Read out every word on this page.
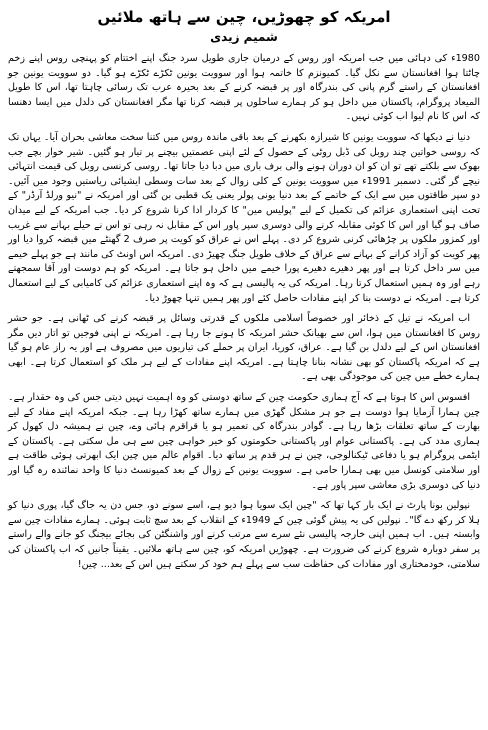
امریکہ کو چھوڑیں، چین سے ہاتھ ملائیں
شمیم زیدی
1980ء کی دہائی میں جب امریکہ اور روس کے درمیان جاری طویل سرد جنگ اپنے اختتام کو پہنچی روس اپنے زخم چاٹتا ہوا افغانستان سے نکل گیا۔ کمیونزم کا خاتمہ ہوا اور سوویت یونین ٹکڑے ٹکڑے ہو گیا۔ دو سوویت یونین جو افغانستان کے راستے گرم پانی کی بندرگاہ اور پر قبضہ کرنے کے بعد بحیرہ عرب تک رسائی چاہتا تھا، اس کا طویل المیعاد پروگرام، پاکستان میں داخل ہو کر ہمارے ساحلوں پر قبضہ کرنا تھا مگر افغانستان کی دلدل میں ایسا دھنسا کہ اس کا نام لیوا اب کوئی نہیں۔
دنیا نے دیکھا کہ سوویت یونین کا شیرازہ بکھرنے کے بعد باقی ماندہ روس میں کتنا سخت معاشی بحران آیا۔ یہاں تک کہ روسی خواتین چند روبل کی ڈبل روٹی کے حصول کے لئے اپنی عصمتیں بیچنے پر تیار ہو گئیں۔ شیر خوار بچے جب بھوک سے بلکتے تھے تو ان کو ان دوران ہونے والی برف باری میں دبا دیا جاتا تھا۔ روسی کرنسی روبل کی قیمت انتہائی نیچے گر گئی۔ دسمبر 1991ء میں سوویت یونین کے کلی زوال کے بعد سات وسطی ایشیائی ریاستیں وجود میں آئیں۔ دو سپر طاقتوں میں سے ایک کے خاتمے کے بعد دنیا یونی پولر یعنی یک قطبی بن گئی اور امریکہ نے "نیو ورلڈ آرڈر" کے تحت اپنی استعماری عزائم کی تکمیل کے لیے "پولیس مین" کا کردار ادا کرنا شروع کر دیا۔ جب امریکہ کے لیے میدان صاف ہو گیا اور اس کا کوئی مقابلہ کرنے والی دوسری سپر پاور اس کے مقابل نہ رہی تو اس نے حیلے بہانے سے غریب اور کمزور ملکوں پر چڑھائی کرنی شروع کر دی۔ پہلے اس نے عراق کو کویت پر صرف 2 گھنٹے میں قبضہ کروا دیا اور پھر کویت کو آزاد کرانے کے بہانے سے عراق کے خلاف طویل جنگ چھیڑ دی۔ امریکہ اس اونٹ کی مانند ہے جو پہلے خیمے میں سر داخل کرتا ہے اور پھر دھیرے دھیرے پورا خیمے میں داخل ہو جاتا ہے۔ امریکہ کو ہم دوست اور آقا سمجھتے رہے اور وہ ہمیں استعمال کرتا رہا۔ امریکہ کی یہ پالیسی ہے کہ وہ اپنے استعماری عزائم کی کامیابی کے لیے استعمال کرتا ہے۔ امریکہ نے دوست بنا کر اپنے مفادات حاصل کئے اور پھر ہمیں تنہا چھوڑ دیا۔
اب امریکہ نے تیل کے ذخائر اور خصوصاً اسلامی ملکوں کے قدرتی وسائل پر قبضہ کرنے کی ٹھانی ہے۔ جو حشر روس کا افغانستان میں ہوا، اس سے بھیانک حشر امریکہ کا ہونے جا رہا ہے۔ امریکہ نے اپنی فوجیں تو اتار دیں مگر افغانستان اس کے لیے دلدل بن گیا ہے۔ عراق، کوریا، ایران پر حملے کی تیاریوں میں مصروف ہے اور یہ راز عام ہو گیا ہے کہ امریکہ پاکستان کو بھی نشانہ بنانا چاہتا ہے۔ امریکہ اپنے مفادات کے لیے ہر ملک کو استعمال کرتا ہے۔ ابھی ہمارے خطے میں چین کی موجودگی بھی ہے۔
افسوس اس کا ہوتا ہے کہ آج ہماری حکومت چین کے ساتھ دوستی کو وہ اہمیت نہیں دیتی جس کی وہ حقدار ہے۔ چین ہمارا آزمایا ہوا دوست ہے جو ہر مشکل گھڑی میں ہمارے ساتھ کھڑا رہا ہے۔ جبکہ امریکہ اپنے مفاد کے لیے بھارت کے ساتھ تعلقات بڑھا رہا ہے۔ گوادر بندرگاہ کی تعمیر ہو یا قراقرم ہائی وے، چین نے ہمیشہ دل کھول کر ہماری مدد کی ہے۔ پاکستانی عوام اور پاکستانی حکومتوں کو خیر خواہی چین سے ہی مل سکتی ہے۔ پاکستان کے ایٹمی پروگرام ہو یا دفاعی ٹیکنالوجی، چین نے ہر قدم پر ساتھ دیا۔ اقوام عالم میں چین ایک ابھرتی ہوئی طاقت ہے اور سلامتی کونسل میں بھی ہمارا حامی ہے۔ سوویت یونین کے زوال کے بعد کمیونسٹ دنیا کا واحد نمائندہ رہ گیا اور دنیا کی دوسری بڑی معاشی سپر پاور ہے۔
نپولین بونا پارٹ نے ایک بار کہا تھا کہ "چین ایک سویا ہوا دیو ہے، اسے سونے دو، جس دن یہ جاگ گیا، پوری دنیا کو ہلا کر رکھ دے گا"۔ نپولین کی یہ پیش گوئی چین کے 1949ء کے انقلاب کے بعد سچ ثابت ہوئی۔ ہمارے مفادات چین سے وابستہ ہیں۔ اب ہمیں اپنی خارجہ پالیسی نئے سرے سے مرتب کرنے اور واشنگٹن کی بجائے بیجنگ کو جانے والے راستے پر سفر دوبارہ شروع کرنے کی ضرورت ہے۔ چھوڑیں امریکہ کو، چین سے ہاتھ ملائیں۔ یقیناً جانیں کہ اب پاکستان کی سلامتی، خودمختاری اور مفادات کی حفاظت سب سے پہلے ہم خود کر سکتے ہیں اس کے بعد... چین!
